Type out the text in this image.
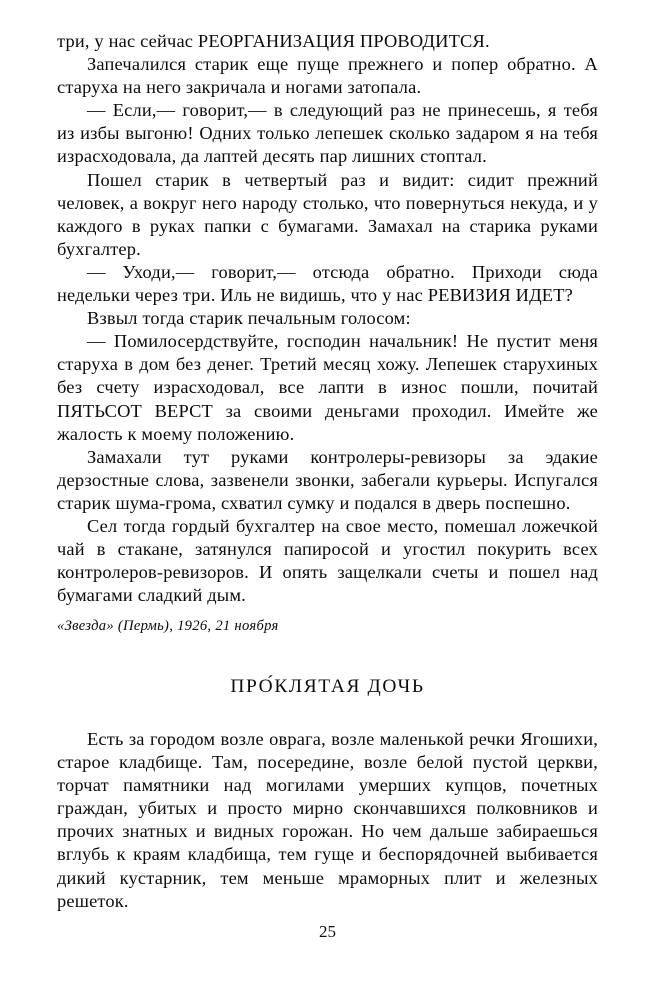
три, у нас сейчас РЕОРГАНИЗАЦИЯ ПРОВОДИТСЯ.

Запечалился старик еще пуще прежнего и попер обратно. А старуха на него закричала и ногами затопала.

— Если,— говорит,— в следующий раз не принесешь, я тебя из избы выгоню! Одних только лепешек сколько задаром я на тебя израсходовала, да лаптей десять пар лишних стоптал.

Пошел старик в четвертый раз и видит: сидит прежний человек, а вокруг него народу столько, что повернуться некуда, и у каждого в руках папки с бумагами. Замахал на старика руками бухгалтер.

— Уходи,— говорит,— отсюда обратно. Приходи сюда недельки через три. Иль не видишь, что у нас РЕВИЗИЯ ИДЕТ?

Взвыл тогда старик печальным голосом:

— Помилосердствуйте, господин начальник! Не пустит меня старуха в дом без денег. Третий месяц хожу. Лепешек старухиных без счету израсходовал, все лапти в износ пошли, почитай ПЯТЬСОТ ВЕРСТ за своими деньгами проходил. Имейте же жалость к моему положению.

Замахали тут руками контролеры-ревизоры за эдакие дерзостные слова, зазвенели звонки, забегали курьеры. Испугался старик шума-грома, схватил сумку и подался в дверь поспешно.

Сел тогда гордый бухгалтер на свое место, помешал ложечкой чай в стакане, затянулся папиросой и угостил покурить всех контролеров-ревизоров. И опять защелкали счеты и пошел над бумагами сладкий дым.

«Звезда» (Пермь), 1926, 21 ноября
ПРО́КЛЯТАЯ ДОЧЬ

Есть за городом возле оврага, возле маленькой речки Ягошихи, старое кладбище. Там, посередине, возле белой пустой церкви, торчат памятники над могилами умерших купцов, почетных граждан, убитых и просто мирно скончавшихся полковников и прочих знатных и видных горожан. Но чем дальше забираешься вглубь к краям кладбища, тем гуще и беспорядочней выбивается дикий кустарник, тем меньше мраморных плит и железных решеток.

25
